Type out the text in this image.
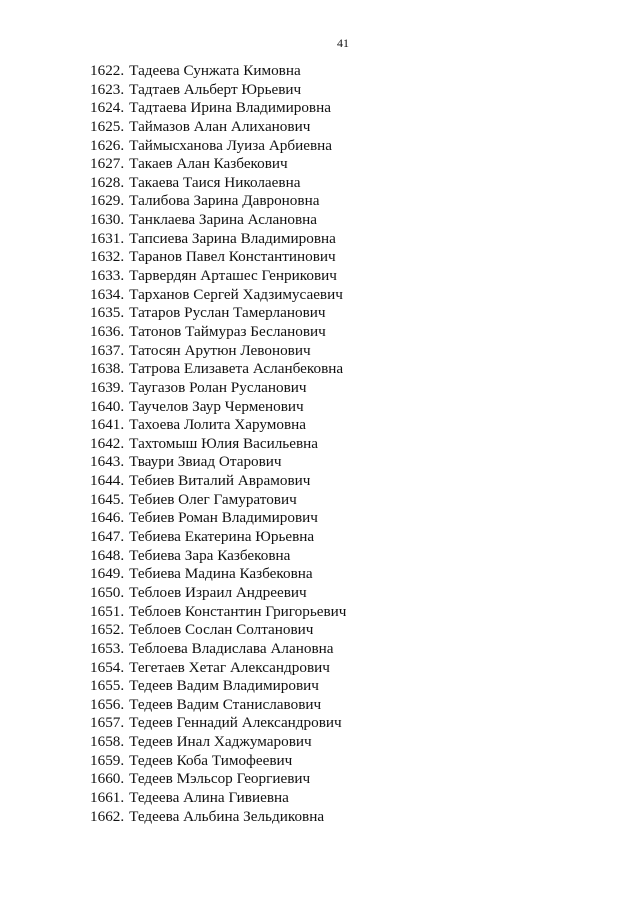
41
1622. Тадеева Сунжата Кимовна
1623. Тадтаев Альберт Юрьевич
1624. Тадтаева Ирина Владимировна
1625. Таймазов Алан Алиханович
1626. Таймысханова Луиза Арбиевна
1627. Такаев Алан Казбекович
1628. Такаева Таися Николаевна
1629. Талибова Зарина Давроновна
1630. Танклаева Зарина Аслановна
1631. Тапсиева Зарина Владимировна
1632. Таранов Павел Константинович
1633. Тарвердян Арташес Генрикович
1634. Тарханов Сергей Хадзимусаевич
1635. Татаров Руслан Тамерланович
1636. Татонов Таймураз Бесланович
1637. Татосян Арутюн Левонович
1638. Татрова Елизавета Асланбековна
1639. Таугазов Ролан Русланович
1640. Таучелов Заур Черменович
1641. Тахоева Лолита Харумовна
1642. Тахтомыш Юлия Васильевна
1643. Тваури Звиад Отарович
1644. Тебиев Виталий Аврамович
1645. Тебиев Олег Гамуратович
1646. Тебиев Роман Владимирович
1647. Тебиева Екатерина Юрьевна
1648. Тебиева Зара Казбековна
1649. Тебиева Мадина Казбековна
1650. Теблоев Израил Андреевич
1651. Теблоев Константин Григорьевич
1652. Теблоев Сослан Солтанович
1653. Теблоева Владислава Алановна
1654. Тегетаев Хетаг Александрович
1655. Тедеев Вадим Владимирович
1656. Тедеев Вадим Станиславович
1657. Тедеев Геннадий Александрович
1658. Тедеев Инал Хаджумарович
1659. Тедеев Коба Тимофеевич
1660. Тедеев Мэльсор Георгиевич
1661. Тедеева Алина Гивиевна
1662. Тедеева Альбина Зельдиковна
